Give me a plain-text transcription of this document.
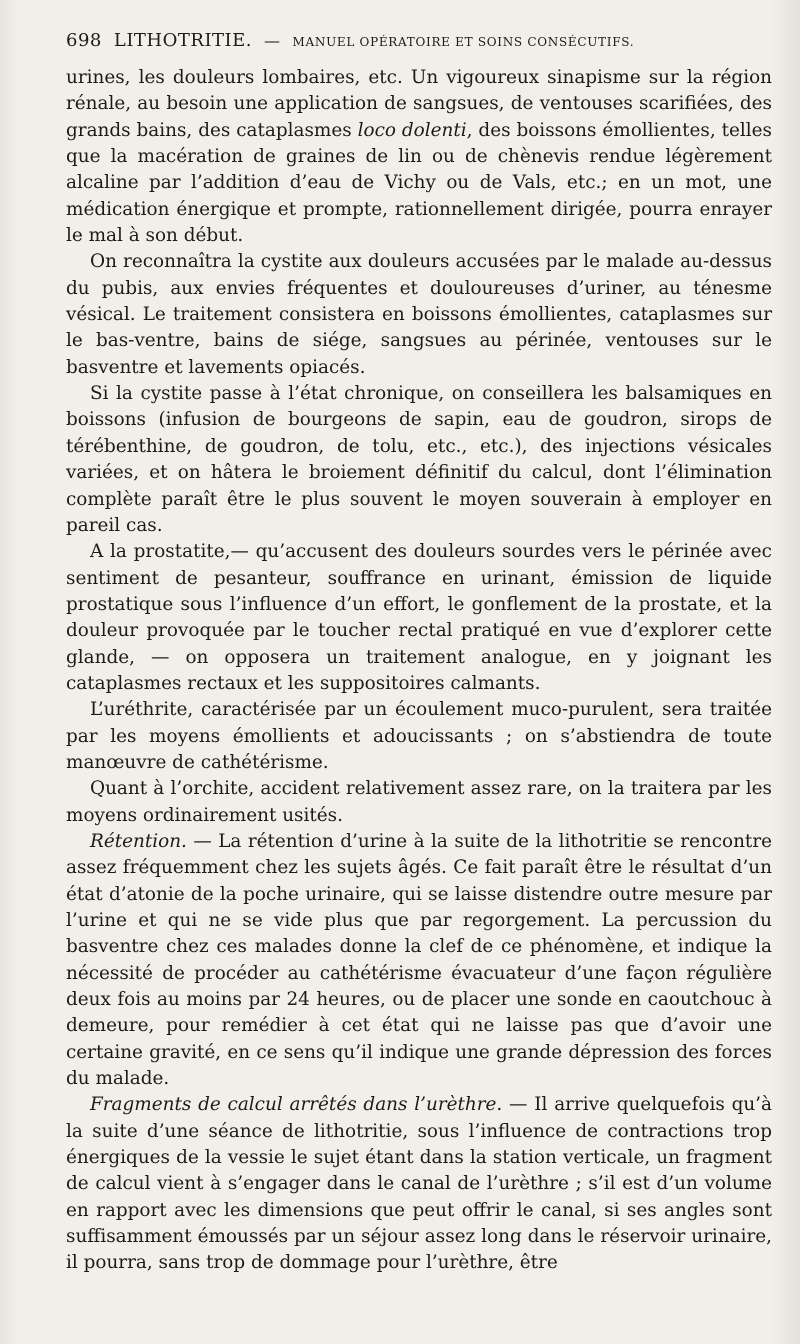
698 LITHOTRITIE. — MANUEL OPÉRATOIRE ET SOINS CONSÉCUTIFS.

urines, les douleurs lombaires, etc. Un vigoureux sinapisme sur la région rénale, au besoin une application de sangsues, de ventouses scarifiées, des grands bains, des cataplasmes loco dolenti, des boissons émollientes, telles que la macération de graines de lin ou de chènevis rendue légèrement alcaline par l’addition d’eau de Vichy ou de Vals, etc.; en un mot, une médication énergique et prompte, rationnellement dirigée, pourra enrayer le mal à son début.

On reconnaîtra la cystite aux douleurs accusées par le malade au-dessus du pubis, aux envies fréquentes et douloureuses d’uriner, au ténesme vésical. Le traitement consistera en boissons émollientes, cataplasmes sur le bas-ventre, bains de siége, sangsues au périnée, ventouses sur le basventre et lavements opiacés.

Si la cystite passe à l’état chronique, on conseillera les balsamiques en boissons (infusion de bourgeons de sapin, eau de goudron, sirops de térébenthine, de goudron, de tolu, etc., etc.), des injections vésicales variées, et on hâtera le broiement définitif du calcul, dont l’élimination complète paraît être le plus souvent le moyen souverain à employer en pareil cas.

A la prostatite,— qu’accusent des douleurs sourdes vers le périnée avec sentiment de pesanteur, souffrance en urinant, émission de liquide prostatique sous l’influence d’un effort, le gonflement de la prostate, et la douleur provoquée par le toucher rectal pratiqué en vue d’explorer cette glande, — on opposera un traitement analogue, en y joignant les cataplasmes rectaux et les suppositoires calmants.

L’uréthrite, caractérisée par un écoulement muco-purulent, sera traitée par les moyens émollients et adoucissants ; on s’abstiendra de toute manœuvre de cathétérisme.

Quant à l’orchite, accident relativement assez rare, on la traitera par les moyens ordinairement usités.

Rétention. — La rétention d’urine à la suite de la lithotritie se rencontre assez fréquemment chez les sujets âgés. Ce fait paraît être le résultat d’un état d’atonie de la poche urinaire, qui se laisse distendre outre mesure par l’urine et qui ne se vide plus que par regorgement. La percussion du basventre chez ces malades donne la clef de ce phénomène, et indique la nécessité de procéder au cathétérisme évacuateur d’une façon régulière deux fois au moins par 24 heures, ou de placer une sonde en caoutchouc à demeure, pour remédier à cet état qui ne laisse pas que d’avoir une certaine gravité, en ce sens qu’il indique une grande dépression des forces du malade.

Fragments de calcul arrêtés dans l’urèthre. — Il arrive quelquefois qu’à la suite d’une séance de lithotritie, sous l’influence de contractions trop énergiques de la vessie le sujet étant dans la station verticale, un fragment de calcul vient à s’engager dans le canal de l’urèthre ; s’il est d’un volume en rapport avec les dimensions que peut offrir le canal, si ses angles sont suffisamment émoussés par un séjour assez long dans le réservoir urinaire, il pourra, sans trop de dommage pour l’urèthre, être
